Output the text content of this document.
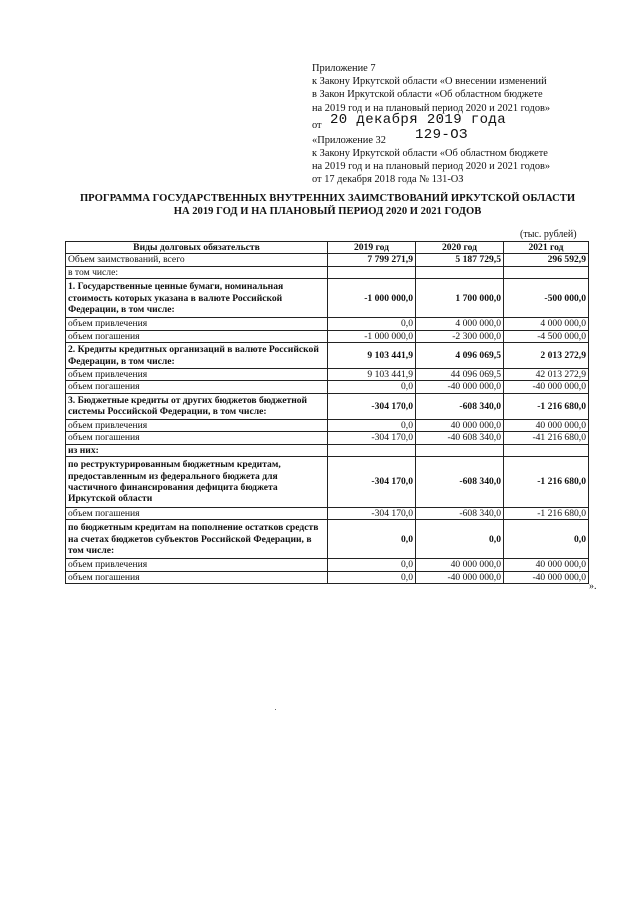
Приложение 7
к Закону Иркутской области «О внесении изменений
в Закон Иркутской области «Об областном бюджете
на 2019 год и на плановый период 2020 и 2021 годов»
от 20 декабря 2019 года
«Приложение 32 129-ОЗ
к Закону Иркутской области «Об областном бюджете
на 2019 год и на плановый период 2020 и 2021 годов»
от 17 декабря 2018 года № 131-ОЗ
ПРОГРАММА ГОСУДАРСТВЕННЫХ ВНУТРЕННИХ ЗАИМСТВОВАНИЙ ИРКУТСКОЙ ОБЛАСТИ
НА 2019 ГОД И НА ПЛАНОВЫЙ ПЕРИОД 2020 И 2021 ГОДОВ
(тыс. рублей)
Виды долговых обязательств	2019 год	2020 год	2021 год
Объем заимствований, всего	7 799 271,9	5 187 729,5	296 592,9
в том числе:			
1. Государственные ценные бумаги, номинальная стоимость которых указана в валюте Российской Федерации, в том числе:	-1 000 000,0	1 700 000,0	-500 000,0
объем привлечения	0,0	4 000 000,0	4 000 000,0
объем погашения	-1 000 000,0	-2 300 000,0	-4 500 000,0
2. Кредиты кредитных организаций в валюте Российской Федерации, в том числе:	9 103 441,9	4 096 069,5	2 013 272,9
объем привлечения	9 103 441,9	44 096 069,5	42 013 272,9
объем погашения	0,0	-40 000 000,0	-40 000 000,0
3. Бюджетные кредиты от других бюджетов бюджетной системы Российской Федерации, в том числе:	-304 170,0	-608 340,0	-1 216 680,0
объем привлечения	0,0	40 000 000,0	40 000 000,0
объем погашения	-304 170,0	-40 608 340,0	-41 216 680,0
из них:			
по реструктурированным бюджетным кредитам, предоставленным из федерального бюджета для частичного финансирования дефицита бюджета Иркутской области	-304 170,0	-608 340,0	-1 216 680,0
объем погашения	-304 170,0	-608 340,0	-1 216 680,0
по бюджетным кредитам на пополнение остатков средств на счетах бюджетов субъектов Российской Федерации, в том числе:	0,0	0,0	0,0
объем привлечения	0,0	40 000 000,0	40 000 000,0
объем погашения	0,0	-40 000 000,0	-40 000 000,0
».
